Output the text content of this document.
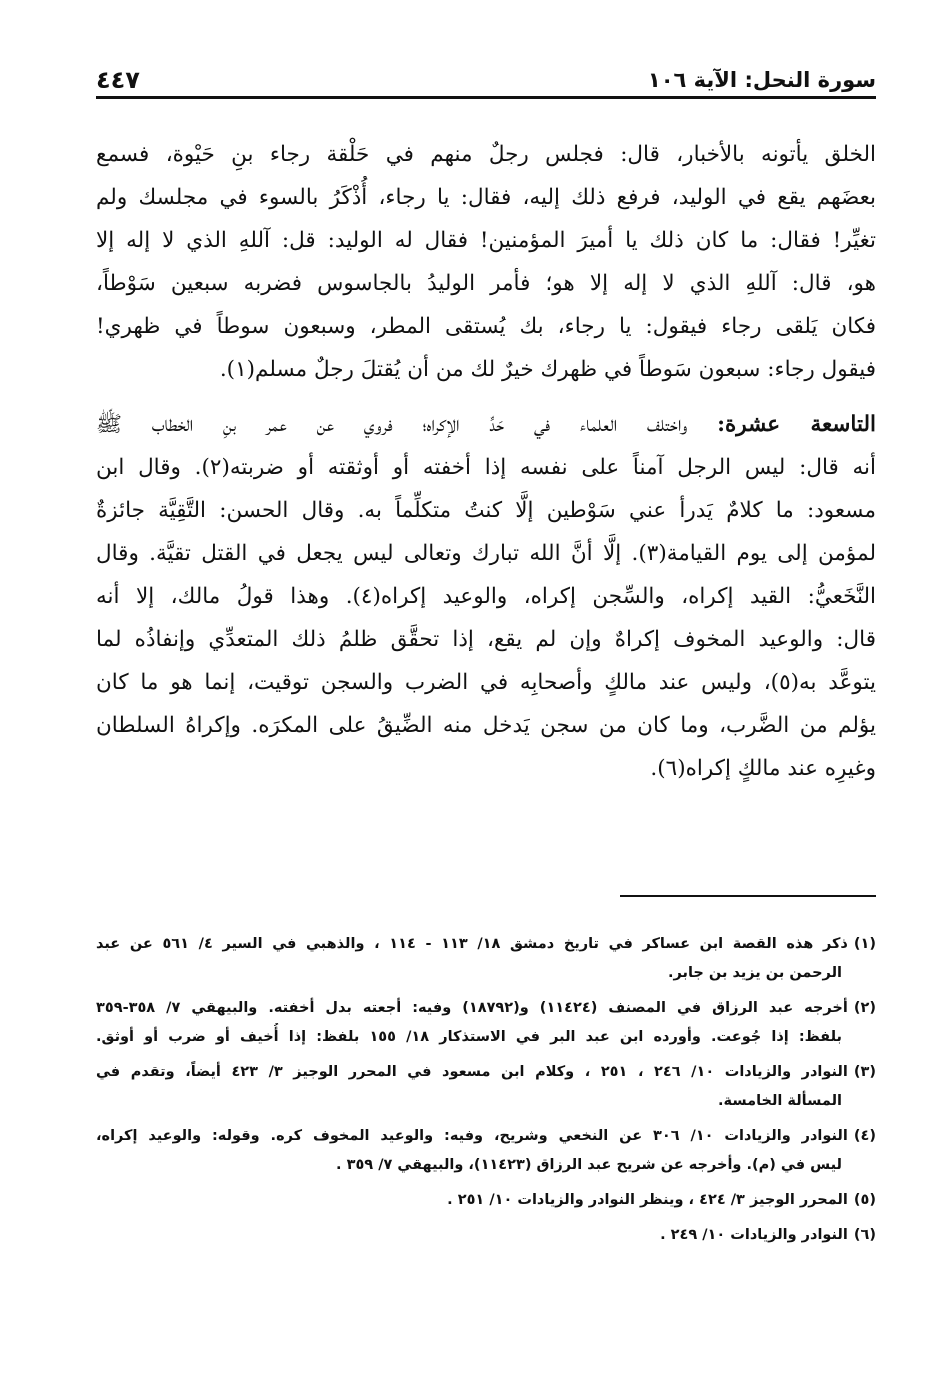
٤٤٧	سورة النحل: الآية ١٠٦
الخلق يأتونه بالأخبار، قال: فجلس رجلٌ منهم في حَلْقة رجاء بنِ حَيْوة، فسمع
بعضَهم يقع في الوليد، فرفع ذلك إليه، فقال: يا رجاء، أُذْكَرُ بالسوء في مجلسك ولم
تغيِّر! فقال: ما كان ذلك يا أميرَ المؤمنين! فقال له الوليد: قل: آللهِ الذي لا إله إلا
هو، قال: آللهِ الذي لا إله إلا هو؛ فأمر الوليدُ بالجاسوس فضربه سبعين سَوْطاً،
فكان يَلقى رجاء فيقول: يا رجاء، بك يُستقى المطر، وسبعون سوطاً في ظهري!
فيقول رجاء: سبعون سَوطاً في ظهرك خيرٌ لك من أن يُقتلَ رجلٌ مسلم(١).
التاسعة عشرة: واختلف العلماء في حَدِّ الإكراه؛ فروي عن عمر بنِ الخطاب ﷺ
أنه قال: ليس الرجل آمناً على نفسه إذا أخفته أو أوثقته أو ضربته(٢). وقال ابن
مسعود: ما كلامٌ يَدرأ عني سَوْطين إلَّا كنتُ متكلِّماً به. وقال الحسن: التَّقِيَّة جائزةٌ
لمؤمن إلى يوم القيامة(٣). إلَّا أنَّ الله تبارك وتعالى ليس يجعل في القتل تقيَّة. وقال
النَّخَعيُّ: القيد إكراه، والسِّجن إكراه، والوعيد إكراه(٤). وهذا قولُ مالك، إلا أنه
قال: والوعيد المخوف إكراهٌ وإن لم يقع، إذا تحقَّق ظلمُ ذلك المتعدِّي وإنفاذُه لما
يتوعَّد به(٥)، وليس عند مالكٍ وأصحابِه في الضرب والسجن توقيت، إنما هو ما كان
يؤلم من الضَّرب، وما كان من سجن يَدخل منه الضِّيقُ على المكرَه. وإكراهُ السلطان
وغيرِه عند مالكٍ إكراه(٦).
(١)ذكر هذه القصة ابن عساكر في تاريخ دمشق ١٨/ ١١٣ - ١١٤ ، والذهبي في السير ٤/ ٥٦١ عن عبد
الرحمن بن يزيد بن جابر.
(٢)أخرجه عبد الرزاق في المصنف (١١٤٢٤) و(١٨٧٩٢) وفيه: أجعته بدل أخفته. والبيهقي ٧/ ٣٥٨-٣٥٩
بلفظ: إذا جُوعت. وأورده ابن عبد البر في الاستذكار ١٨/ ١٥٥ بلفظ: إذا أُخيف أو ضرب أو أوثق.
(٣)النوادر والزيادات ١٠/ ٢٤٦ ، ٢٥١ ، وكلام ابن مسعود في المحرر الوجيز ٣/ ٤٢٣ أيضاً، وتقدم في
المسألة الخامسة.
(٤)النوادر والزيادات ١٠/ ٣٠٦ عن النخعي وشريح، وفيه: والوعيد المخوف كره. وقوله: والوعيد إكراه،
ليس في (م). وأخرجه عن شريح عبد الرزاق (١١٤٢٣)، والبيهقي ٧/ ٣٥٩ .
(٥)المحرر الوجيز ٣/ ٤٢٤ ، وينظر النوادر والزيادات ١٠/ ٢٥١ .
(٦)النوادر والزيادات ١٠/ ٢٤٩ .
